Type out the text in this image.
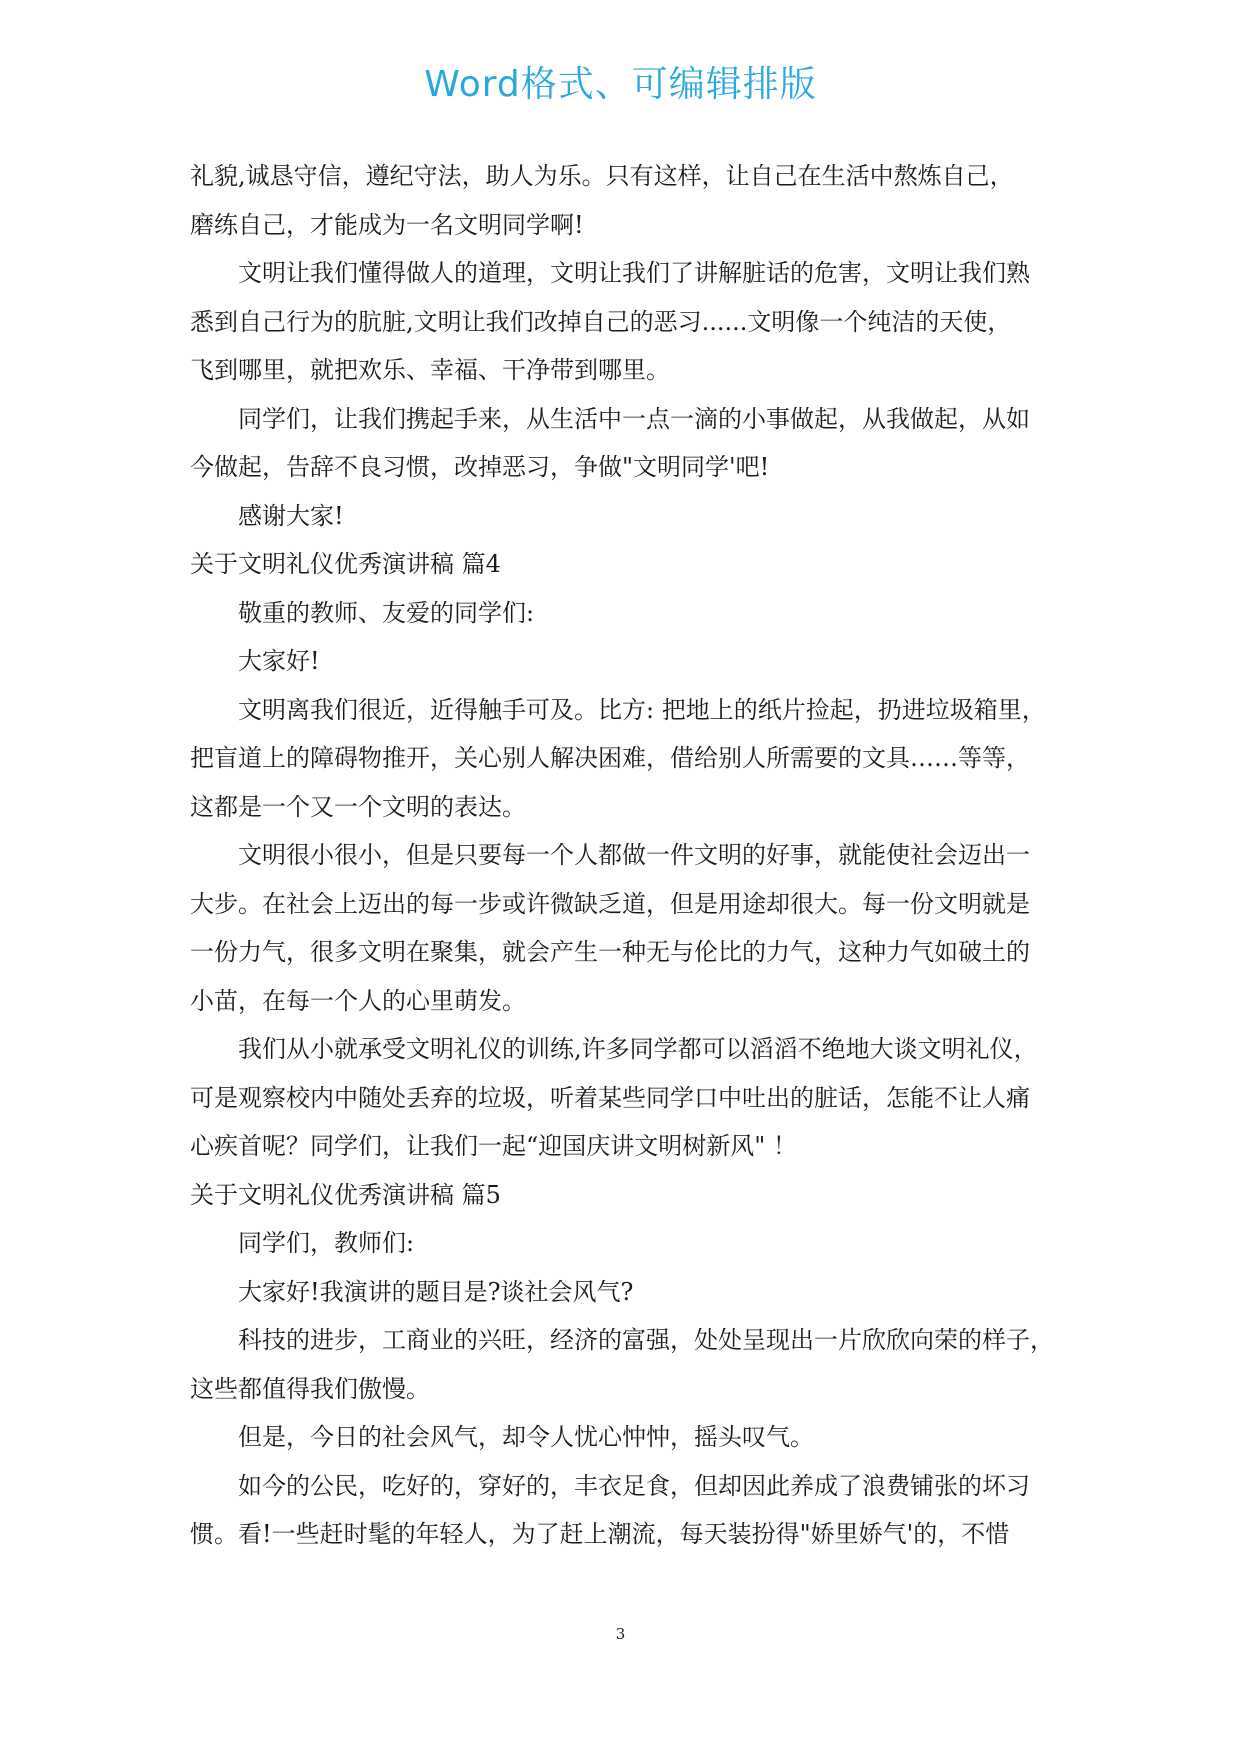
Word格式、可编辑排版
礼貌,诚恳守信，遵纪守法，助人为乐。只有这样，让自己在生活中熬炼自己，
磨练自己，才能成为一名文明同学啊!
文明让我们懂得做人的道理，文明让我们了讲解脏话的危害，文明让我们熟
悉到自己行为的肮脏,文明让我们改掉自己的恶习......文明像一个纯洁的天使，
飞到哪里，就把欢乐、幸福、干净带到哪里。
同学们，让我们携起手来，从生活中一点一滴的小事做起，从我做起，从如
今做起，告辞不良习惯，改掉恶习，争做"文明同学'吧!
感谢大家!
关于文明礼仪优秀演讲稿 篇4
敬重的教师、友爱的同学们:
大家好!
文明离我们很近，近得触手可及。比方: 把地上的纸片捡起，扔进垃圾箱里，
把盲道上的障碍物推开，关心别人解决困难，借给别人所需要的文具……等等，
这都是一个又一个文明的表达。
文明很小很小，但是只要每一个人都做一件文明的好事，就能使社会迈出一
大步。在社会上迈出的每一步或许微缺乏道，但是用途却很大。每一份文明就是
一份力气，很多文明在聚集，就会产生一种无与伦比的力气，这种力气如破土的
小苗，在每一个人的心里萌发。
我们从小就承受文明礼仪的训练,许多同学都可以滔滔不绝地大谈文明礼仪，
可是观察校内中随处丢弃的垃圾，听着某些同学口中吐出的脏话，怎能不让人痛
心疾首呢？同学们，让我们一起“迎国庆讲文明树新风" ！
关于文明礼仪优秀演讲稿 篇5
同学们，教师们:
大家好!我演讲的题目是?谈社会风气?
科技的进步，工商业的兴旺，经济的富强，处处呈现出一片欣欣向荣的样子，
这些都值得我们傲慢。
但是，今日的社会风气，却令人忧心忡忡，摇头叹气。
如今的公民，吃好的，穿好的，丰衣足食，但却因此养成了浪费铺张的坏习
惯。看!一些赶时髦的年轻人，为了赶上潮流，每天装扮得"娇里娇气'的，不惜
3
